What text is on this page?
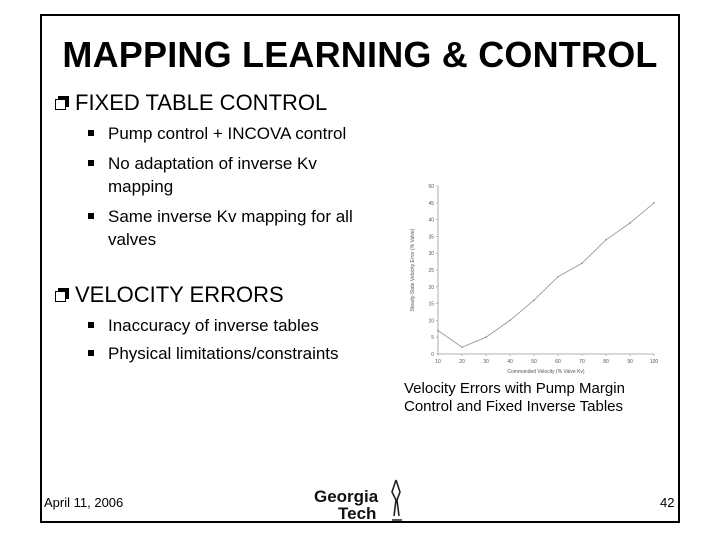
MAPPING LEARNING & CONTROL
FIXED TABLE CONTROL
Pump control + INCOVA control
No adaptation of inverse Kv
mapping
Same inverse Kv mapping for all
valves
VELOCITY ERRORS
Inaccuracy of inverse tables
Physical limitations/constraints	0
5
10
15
20
25
30
35
40
45
50
10	20	30	40	50	60	70	80	90	100
Commanded Velocity (% Valve Kv)
Steady-State Velocity Error (% Valve)
Velocity Errors with Pump Margin
Control and Fixed Inverse Tables
April 11, 2006	Georgia
Tech
42
